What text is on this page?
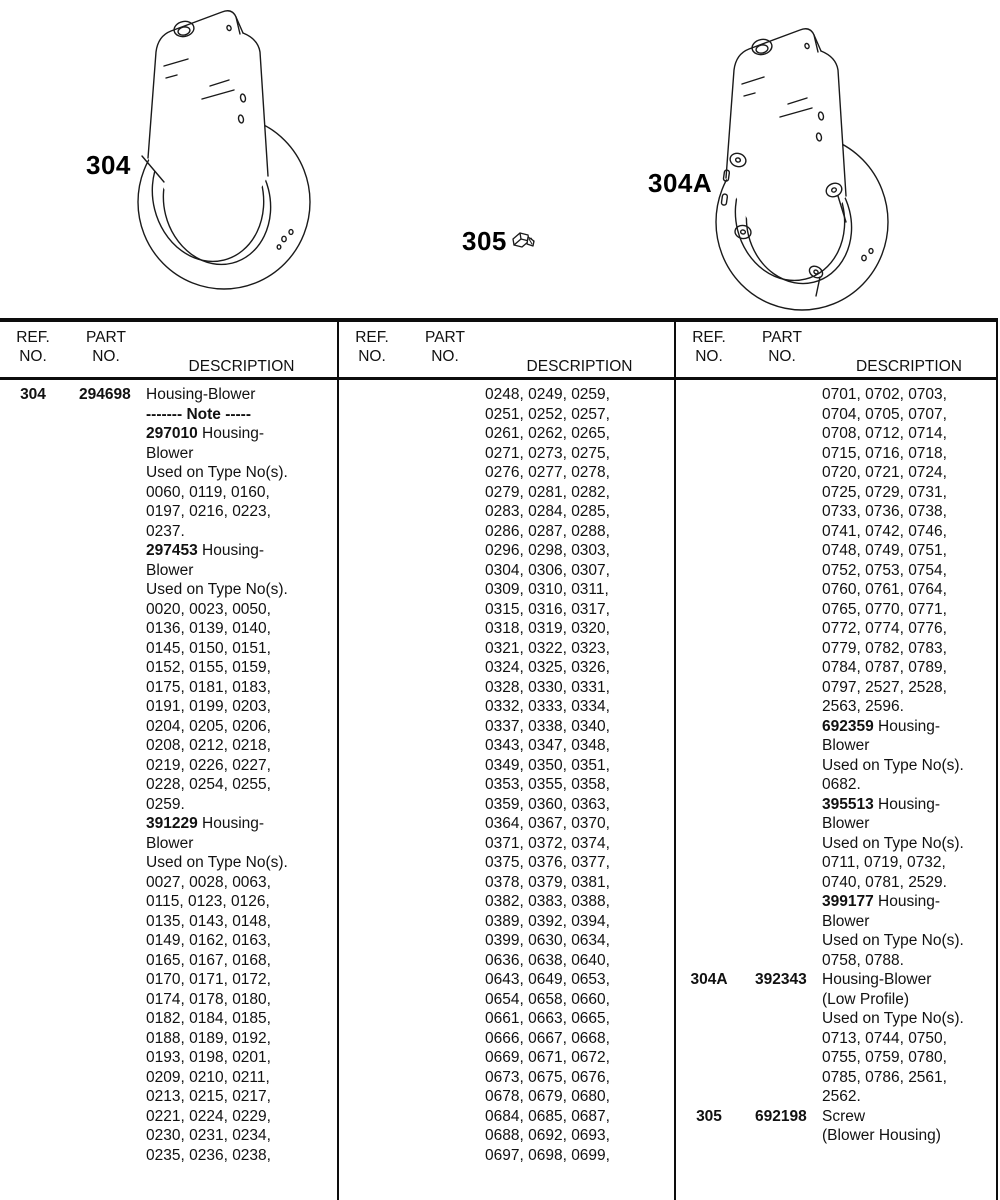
304
305
304A
REF.
NO.
PART
NO.
DESCRIPTION
304	294698 Housing-Blower
------- Note -----
297010 Housing-
Blower
Used on Type No(s).
0060, 0119, 0160,
0197, 0216, 0223,
0237.
297453 Housing-
Blower
Used on Type No(s).
0020, 0023, 0050,
0136, 0139, 0140,
0145, 0150, 0151,
0152, 0155, 0159,
0175, 0181, 0183,
0191, 0199, 0203,
0204, 0205, 0206,
0208, 0212, 0218,
0219, 0226, 0227,
0228, 0254, 0255,
0259.
391229 Housing-
Blower
Used on Type No(s).
0027, 0028, 0063,
0115, 0123, 0126,
0135, 0143, 0148,
0149, 0162, 0163,
0165, 0167, 0168,
0170, 0171, 0172,
0174, 0178, 0180,
0182, 0184, 0185,
0188, 0189, 0192,
0193, 0198, 0201,
0209, 0210, 0211,
0213, 0215, 0217,
0221, 0224, 0229,
0230, 0231, 0234,
0235, 0236, 0238,
REF.
NO.
PART
NO.
DESCRIPTION
0248, 0249, 0259,
0251, 0252, 0257,
0261, 0262, 0265,
0271, 0273, 0275,
0276, 0277, 0278,
0279, 0281, 0282,
0283, 0284, 0285,
0286, 0287, 0288,
0296, 0298, 0303,
0304, 0306, 0307,
0309, 0310, 0311,
0315, 0316, 0317,
0318, 0319, 0320,
0321, 0322, 0323,
0324, 0325, 0326,
0328, 0330, 0331,
0332, 0333, 0334,
0337, 0338, 0340,
0343, 0347, 0348,
0349, 0350, 0351,
0353, 0355, 0358,
0359, 0360, 0363,
0364, 0367, 0370,
0371, 0372, 0374,
0375, 0376, 0377,
0378, 0379, 0381,
0382, 0383, 0388,
0389, 0392, 0394,
0399, 0630, 0634,
0636, 0638, 0640,
0643, 0649, 0653,
0654, 0658, 0660,
0661, 0663, 0665,
0666, 0667, 0668,
0669, 0671, 0672,
0673, 0675, 0676,
0678, 0679, 0680,
0684, 0685, 0687,
0688, 0692, 0693,
0697, 0698, 0699,
REF.
NO.
PART
NO.
DESCRIPTION
0701, 0702, 0703,
0704, 0705, 0707,
0708, 0712, 0714,
0715, 0716, 0718,
0720, 0721, 0724,
0725, 0729, 0731,
0733, 0736, 0738,
0741, 0742, 0746,
0748, 0749, 0751,
0752, 0753, 0754,
0760, 0761, 0764,
0765, 0770, 0771,
0772, 0774, 0776,
0779, 0782, 0783,
0784, 0787, 0789,
0797, 2527, 2528,
2563, 2596.
692359 Housing-
Blower
Used on Type No(s).
0682.
395513 Housing-
Blower
Used on Type No(s).
0711, 0719, 0732,
0740, 0781, 2529.
399177 Housing-
Blower
Used on Type No(s).
0758, 0788.
304A	392343 Housing-Blower
(Low Profile)
Used on Type No(s).
0713, 0744, 0750,
0755, 0759, 0780,
0785, 0786, 2561,
2562.
305	692198 Screw
(Blower Housing)
